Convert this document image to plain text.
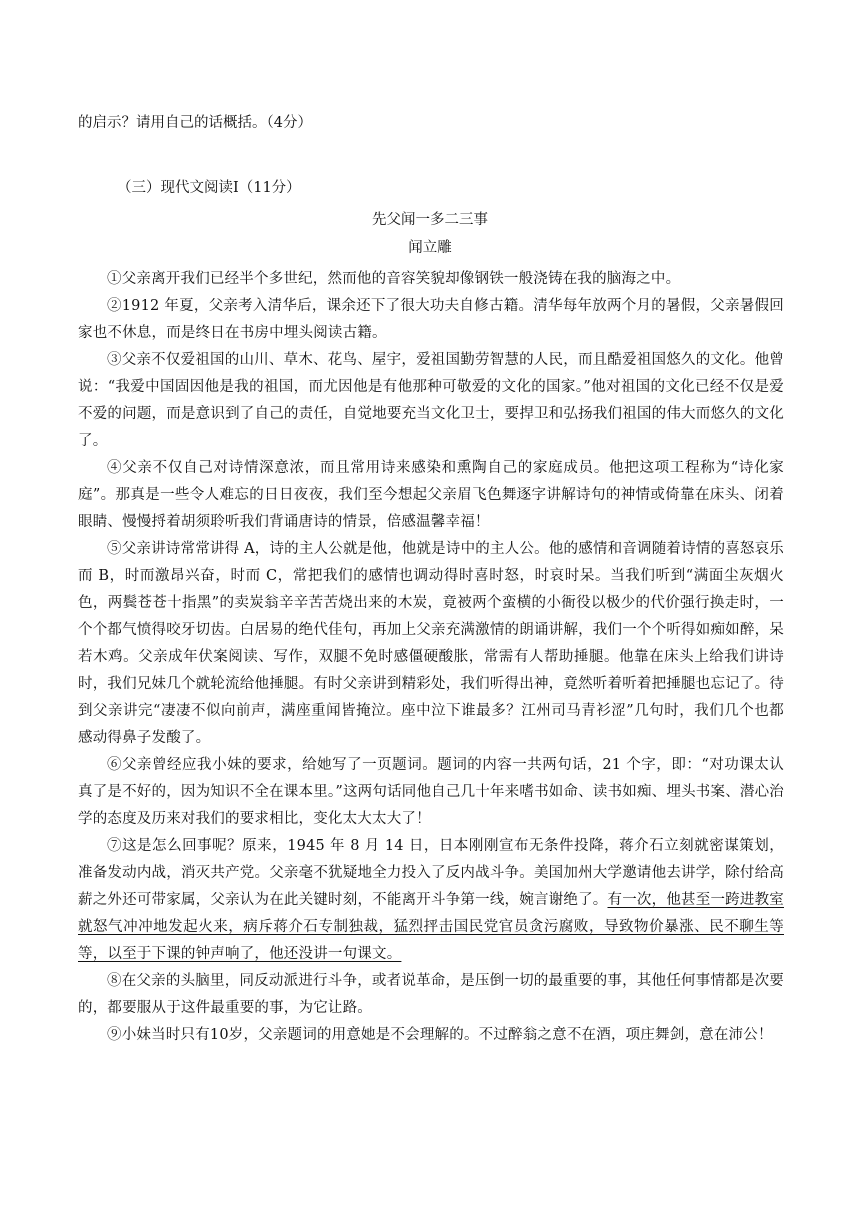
的启示？请用自己的话概括。（4分）
（三）现代文阅读Ⅰ（11分）
先父闻一多二三事
闻立雕

①父亲离开我们已经半个多世纪，然而他的音容笑貌却像钢铁一般浇铸在我的脑海之中。

②1912 年夏，父亲考入清华后，课余还下了很大功夫自修古籍。清华每年放两个月的暑假，父亲暑假回家也不休息，而是终日在书房中埋头阅读古籍。

③父亲不仅爱祖国的山川、草木、花鸟、屋宇，爱祖国勤劳智慧的人民，而且酷爱祖国悠久的文化。他曾说：“我爱中国固因他是我的祖国，而尤因他是有他那种可敬爱的文化的国家。”他对祖国的文化已经不仅是爱不爱的问题，而是意识到了自己的责任，自觉地要充当文化卫士，要捍卫和弘扬我们祖国的伟大而悠久的文化了。

④父亲不仅自己对诗情深意浓，而且常用诗来感染和熏陶自己的家庭成员。他把这项工程称为“诗化家庭”。那真是一些令人难忘的日日夜夜，我们至今想起父亲眉飞色舞逐字讲解诗句的神情或倚靠在床头、闭着眼睛、慢慢捋着胡须聆听我们背诵唐诗的情景，倍感温馨幸福！

⑤父亲讲诗常常讲得 A，诗的主人公就是他，他就是诗中的主人公。他的感情和音调随着诗情的喜怒哀乐而 B，时而激昂兴奋，时而 C，常把我们的感情也调动得时喜时怒，时哀时呆。当我们听到“满面尘灰烟火色，两鬓苍苍十指黑”的卖炭翁辛辛苦苦烧出来的木炭，竟被两个蛮横的小衙役以极少的代价强行换走时，一个个都气愤得咬牙切齿。白居易的绝代佳句，再加上父亲充满激情的朗诵讲解，我们一个个听得如痴如醉，呆若木鸡。父亲成年伏案阅读、写作，双腿不免时感僵硬酸胀，常需有人帮助捶腿。他靠在床头上给我们讲诗时，我们兄妹几个就轮流给他捶腿。有时父亲讲到精彩处，我们听得出神，竟然听着听着把捶腿也忘记了。待到父亲讲完“凄凄不似向前声，满座重闻皆掩泣。座中泣下谁最多？江州司马青衫涩”几句时，我们几个也都感动得鼻子发酸了。

⑥父亲曾经应我小妹的要求，给她写了一页题词。题词的内容一共两句话，21 个字，即：“对功课太认真了是不好的，因为知识不全在课本里。”这两句话同他自己几十年来嗜书如命、读书如痴、埋头书案、潜心治学的态度及历来对我们的要求相比，变化太大太大了！

⑦这是怎么回事呢？原来，1945 年 8 月 14 日，日本刚刚宣布无条件投降，蒋介石立刻就密谋策划，准备发动内战，消灭共产党。父亲毫不犹疑地全力投入了反内战斗争。美国加州大学邀请他去讲学，除付给高薪之外还可带家属，父亲认为在此关键时刻，不能离开斗争第一线，婉言谢绝了。有一次，他甚至一跨进教室就怒气冲冲地发起火来，病斥蒋介石专制独裁，猛烈抨击国民党官员贪污腐败，导致物价暴涨、民不聊生等等，以至于下课的钟声响了，他还没讲一句课文。

⑧在父亲的头脑里，同反动派进行斗争，或者说革命，是压倒一切的最重要的事，其他任何事情都是次要的，都要服从于这件最重要的事，为它让路。

⑨小妹当时只有10岁，父亲题词的用意她是不会理解的。不过醉翁之意不在酒，项庄舞剑，意在沛公！
